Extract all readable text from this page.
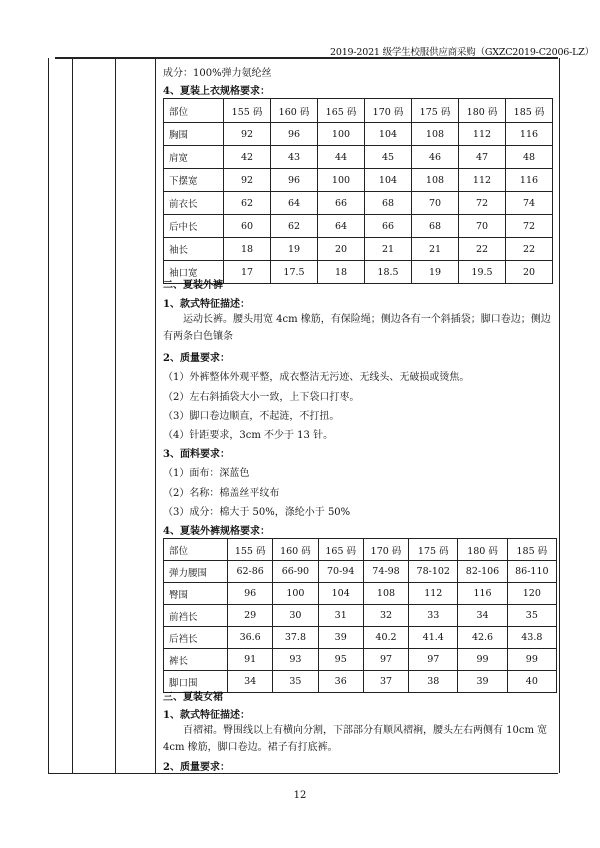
2019-2021 级学生校服供应商采购（GXZC2019-C2006-LZ）
成分：100%弹力氨纶丝
4、夏装上衣规格要求：
部位	155 码	160 码	165 码	170 码	175 码	180 码	185 码
胸围	92	96	100	104	108	112	116
肩宽	42	43	44	45	46	47	48
下摆宽	92	96	100	104	108	112	116
前衣长	62	64	66	68	70	72	74
后中长	60	62	64	66	68	70	72
袖长	18	19	20	21	21	22	22
袖口宽	17	17.5	18	18.5	19	19.5	20
二、夏装外裤
1、款式特征描述：
运动长裤。腰头用宽 4cm 橡筋，有保险绳；侧边各有一个斜插袋；脚口卷边；侧边有两条白色镶条
2、质量要求：
（1）外裤整体外观平整，成衣整洁无污迹、无线头、无破损或烫焦。
（2）左右斜插袋大小一致，上下袋口打枣。
（3）脚口卷边顺直，不起涟，不打扭。
（4）针距要求，3cm 不少于 13 针。
3、面料要求：
（1）面布：深蓝色
（2）名称：棉盖丝平纹布
（3）成分：棉大于 50%，涤纶小于 50%
4、夏装外裤规格要求：
部位	155 码	160 码	165 码	170 码	175 码	180 码	185 码
弹力腰围	62-86	66-90	70-94	74-98	78-102	82-106	86-110
臀围	96	100	104	108	112	116	120
前裆长	29	30	31	32	33	34	35
后裆长	36.6	37.8	39	40.2	41.4	42.6	43.8
裤长	91	93	95	97	97	99	99
脚口围	34	35	36	37	38	39	40
三、夏装女裙
1、款式特征描述：
百褶裙。臀围线以上有横向分割，下部部分有顺风褶裥，腰头左右两侧有 10cm 宽 4cm 橡筋，脚口卷边。裙子有打底裤。
2、质量要求：
12
